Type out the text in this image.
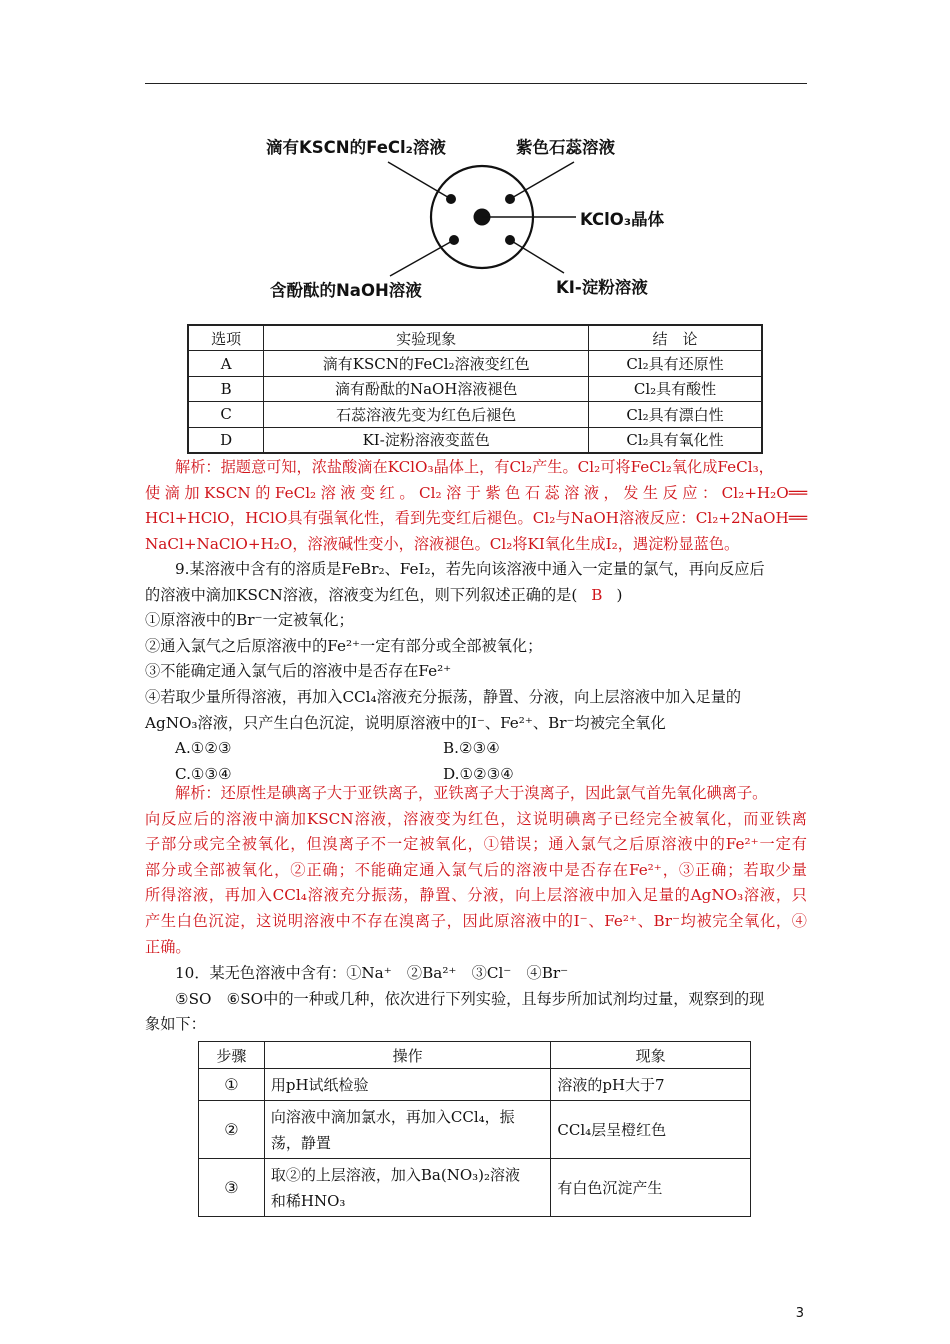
滴有KSCN的FeCl₂溶液	紫色石蕊溶液
KClO₃晶体
含酚酞的NaOH溶液	KI-淀粉溶液
选项	实验现象	结　论
A	滴有KSCN的FeCl₂溶液变红色	Cl₂具有还原性
B	滴有酚酞的NaOH溶液褪色	Cl₂具有酸性
C	石蕊溶液先变为红色后褪色	Cl₂具有漂白性
D	KI-淀粉溶液变蓝色	Cl₂具有氧化性
解析：据题意可知，浓盐酸滴在KClO₃晶体上，有Cl₂产生。Cl₂可将FeCl₂氧化成FeCl₃，
使滴加KSCN的FeCl₂溶液变红。Cl₂溶于紫色石蕊溶液，发生反应：Cl₂+H₂O══
HCl+HClO，HClO具有强氧化性，看到先变红后褪色。Cl₂与NaOH溶液反应：Cl₂+2NaOH══
NaCl+NaClO+H₂O，溶液碱性变小，溶液褪色。Cl₂将KI氧化生成I₂，遇淀粉显蓝色。
9.某溶液中含有的溶质是FeBr₂、FeI₂，若先向该溶液中通入一定量的氯气，再向反应后
的溶液中滴加KSCN溶液，溶液变为红色，则下列叙述正确的是( B )
①原溶液中的Br⁻一定被氧化；
②通入氯气之后原溶液中的Fe²⁺一定有部分或全部被氧化；
③不能确定通入氯气后的溶液中是否存在Fe²⁺
④若取少量所得溶液，再加入CCl₄溶液充分振荡，静置、分液，向上层溶液中加入足量的
AgNO₃溶液，只产生白色沉淀，说明原溶液中的I⁻、Fe²⁺、Br⁻均被完全氧化
A.①②③	B.②③④
C.①③④	D.①②③④
解析：还原性是碘离子大于亚铁离子，亚铁离子大于溴离子，因此氯气首先氧化碘离子。
向反应后的溶液中滴加KSCN溶液，溶液变为红色，这说明碘离子已经完全被氧化，而亚铁离
子部分或完全被氧化，但溴离子不一定被氧化，①错误；通入氯气之后原溶液中的Fe²⁺一定有
部分或全部被氧化，②正确；不能确定通入氯气后的溶液中是否存在Fe²⁺，③正确；若取少量
所得溶液，再加入CCl₄溶液充分振荡，静置、分液，向上层溶液中加入足量的AgNO₃溶液，只
产生白色沉淀，这说明溶液中不存在溴离子，因此原溶液中的I⁻、Fe²⁺、Br⁻均被完全氧化，④
正确。
10．某无色溶液中含有：①Na⁺　②Ba²⁺　③Cl⁻　④Br⁻
⑤SO　⑥SO中的一种或几种，依次进行下列实验，且每步所加试剂均过量，观察到的现
象如下：
步骤	操作	现象
①	用pH试纸检验	溶液的pH大于7
②	向溶液中滴加氯水，再加入CCl₄，振
荡，静置	CCl₄层呈橙红色
③	取②的上层溶液，加入Ba(NO₃)₂溶液
和稀HNO₃	有白色沉淀产生
3
